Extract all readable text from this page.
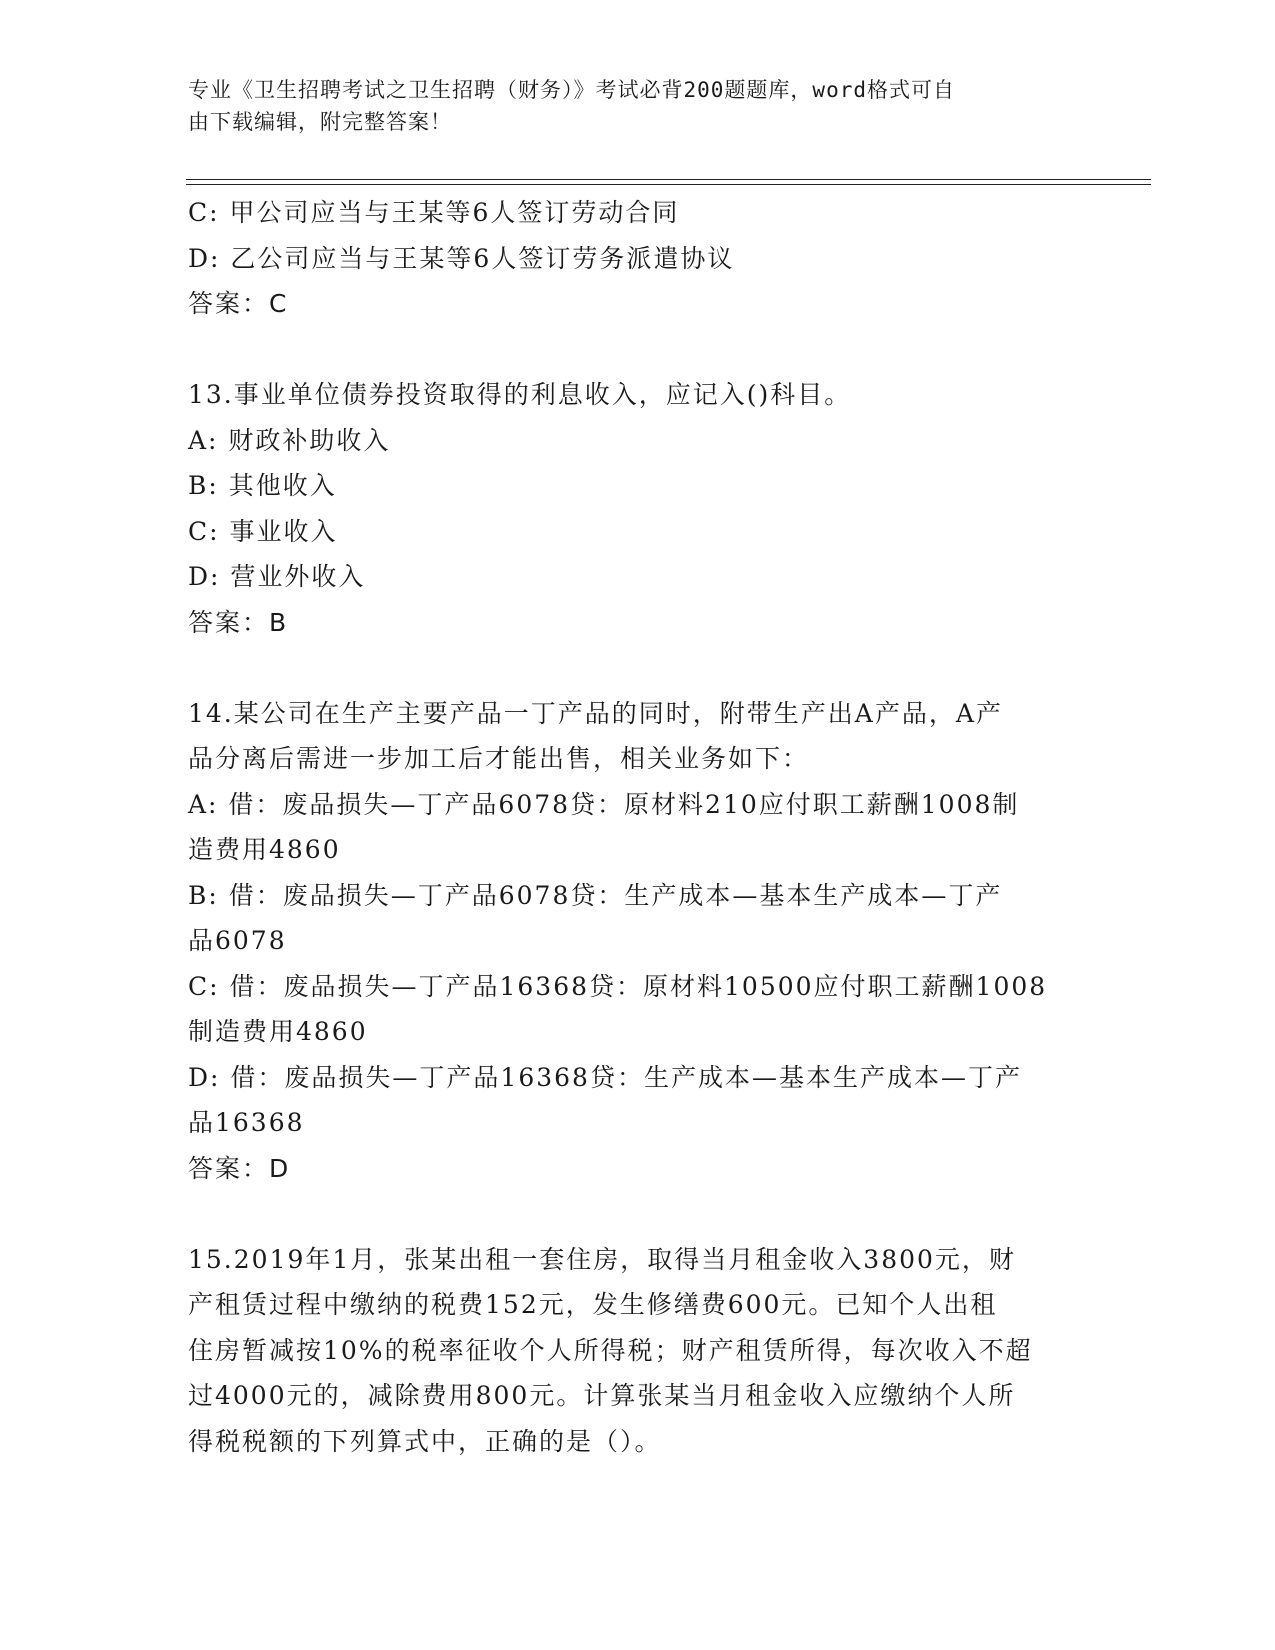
专业《卫生招聘考试之卫生招聘（财务）》考试必背200题题库，word格式可自
由下载编辑，附完整答案！
C: 甲公司应当与王某等6人签订劳动合同
D: 乙公司应当与王某等6人签订劳务派遣协议
答案：C
13.事业单位债券投资取得的利息收入，应记入()科目。
A: 财政补助收入
B: 其他收入
C: 事业收入
D: 营业外收入
答案：B
14.某公司在生产主要产品一丁产品的同时，附带生产出A产品，A产
品分离后需进一步加工后才能出售，相关业务如下：
A: 借：废品损失—丁产品6078贷：原材料210应付职工薪酬1008制
造费用4860
B: 借：废品损失—丁产品6078贷：生产成本—基本生产成本—丁产
品6078
C: 借：废品损失—丁产品16368贷：原材料10500应付职工薪酬1008
制造费用4860
D: 借：废品损失—丁产品16368贷：生产成本—基本生产成本—丁产
品16368
答案：D
15.2019年1月，张某出租一套住房，取得当月租金收入3800元，财
产租赁过程中缴纳的税费152元，发生修缮费600元。已知个人出租
住房暂减按10%的税率征收个人所得税；财产租赁所得，每次收入不超
过4000元的，减除费用800元。计算张某当月租金收入应缴纳个人所
得税税额的下列算式中，正确的是（）。
